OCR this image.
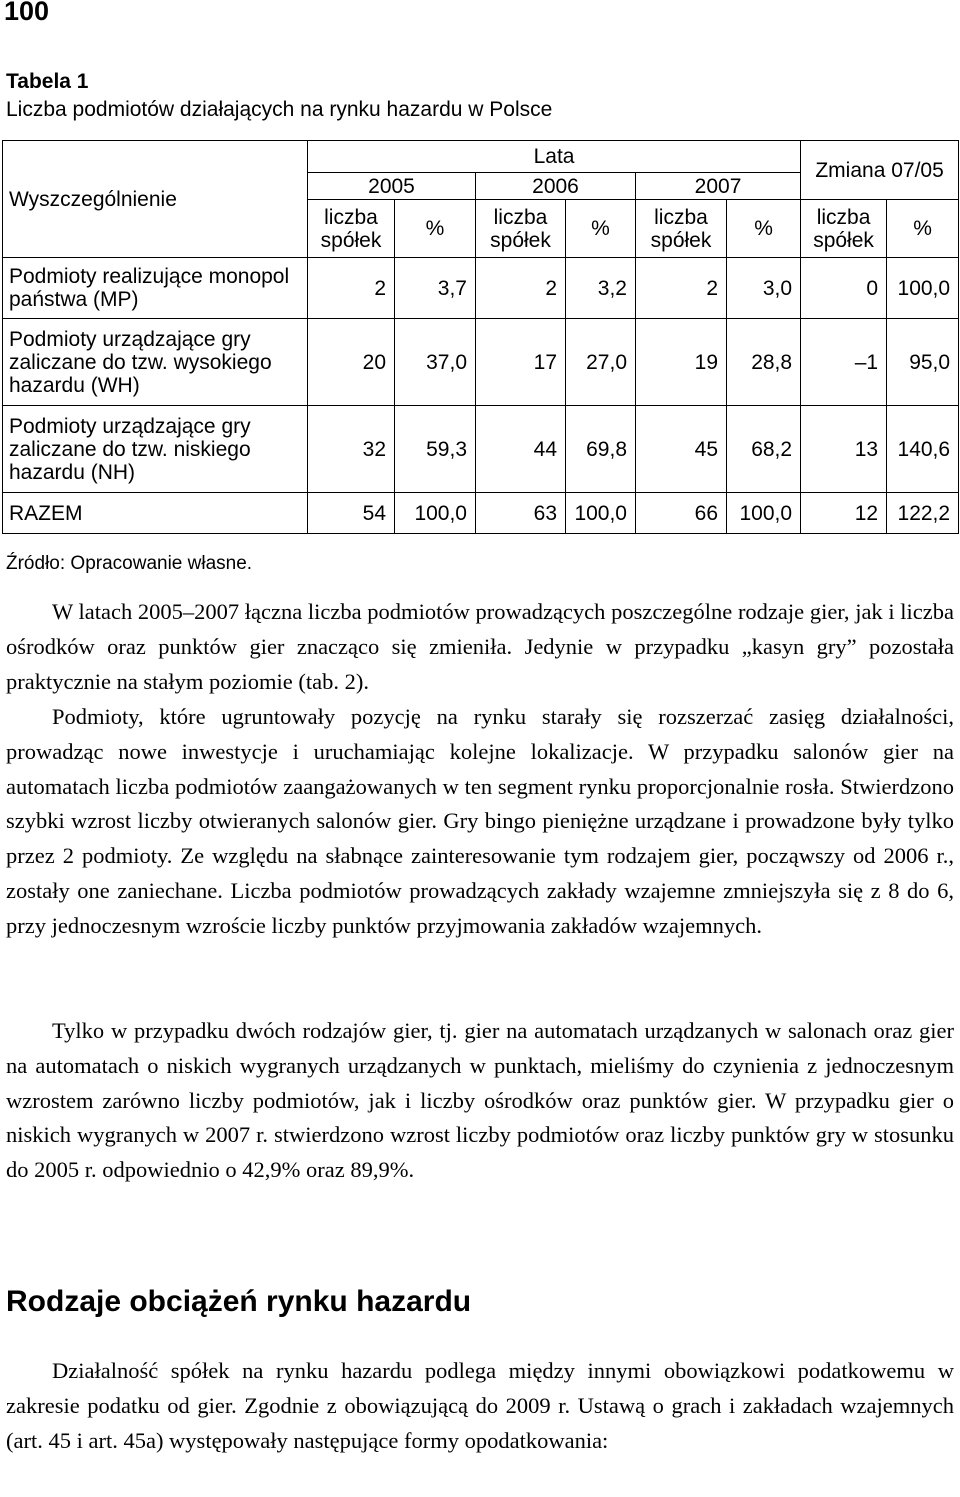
100
Tabela 1
Liczba podmiotów działających na rynku hazardu w Polsce
Wyszczególnienie	Lata						Zmiana 07/05	
	2005		2006		2007			
	liczba spółek	%	liczba spółek	%	liczba spółek	%	liczba spółek	%
Podmioty realizujące monopol państwa (MP)	2	3,7	2	3,2	2	3,0	0	100,0
Podmioty urządzające gry zaliczane do tzw. wysokiego hazardu (WH)	20	37,0	17	27,0	19	28,8	–1	95,0
Podmioty urządzające gry zaliczane do tzw. niskiego hazardu (NH)	32	59,3	44	69,8	45	68,2	13	140,6
RAZEM	54	100,0	63	100,0	66	100,0	12	122,2
Źródło: Opracowanie własne.

W latach 2005–2007 łączna liczba podmiotów prowadzących poszczególne rodzaje gier, jak i liczba ośrodków oraz punktów gier znacząco się zmieniła. Jedynie w przypadku „kasyn gry” pozostała praktycznie na stałym poziomie (tab. 2).

Podmioty, które ugruntowały pozycję na rynku starały się rozszerzać zasięg działalności, prowadząc nowe inwestycje i uruchamiając kolejne lokalizacje. W przypadku salonów gier na automatach liczba podmiotów zaangażowanych w ten segment rynku proporcjonalnie rosła. Stwierdzono szybki wzrost liczby otwieranych salonów gier. Gry bingo pieniężne urządzane i prowadzone były tylko przez 2 podmioty. Ze względu na słabnące zainteresowanie tym rodzajem gier, począwszy od 2006 r., zostały one zaniechane. Liczba podmiotów prowadzących zakłady wzajemne zmniejszyła się z 8 do 6, przy jednoczesnym wzroście liczby punktów przyjmowania zakładów wzajemnych.

Tylko w przypadku dwóch rodzajów gier, tj. gier na automatach urządzanych w salonach oraz gier na automatach o niskich wygranych urządzanych w punktach, mieliśmy do czynienia z jednoczesnym wzrostem zarówno liczby podmiotów, jak i liczby ośrodków oraz punktów gier. W przypadku gier o niskich wygranych w 2007 r. stwierdzono wzrost liczby podmiotów oraz liczby punktów gry w stosunku do 2005 r. odpowiednio o 42,9% oraz 89,9%.

Rodzaje obciążeń rynku hazardu

Działalność spółek na rynku hazardu podlega między innymi obowiązkowi podatkowemu w zakresie podatku od gier. Zgodnie z obowiązującą do 2009 r. Ustawą o grach i zakładach wzajemnych (art. 45 i art. 45a) występowały następujące formy opodatkowania:
